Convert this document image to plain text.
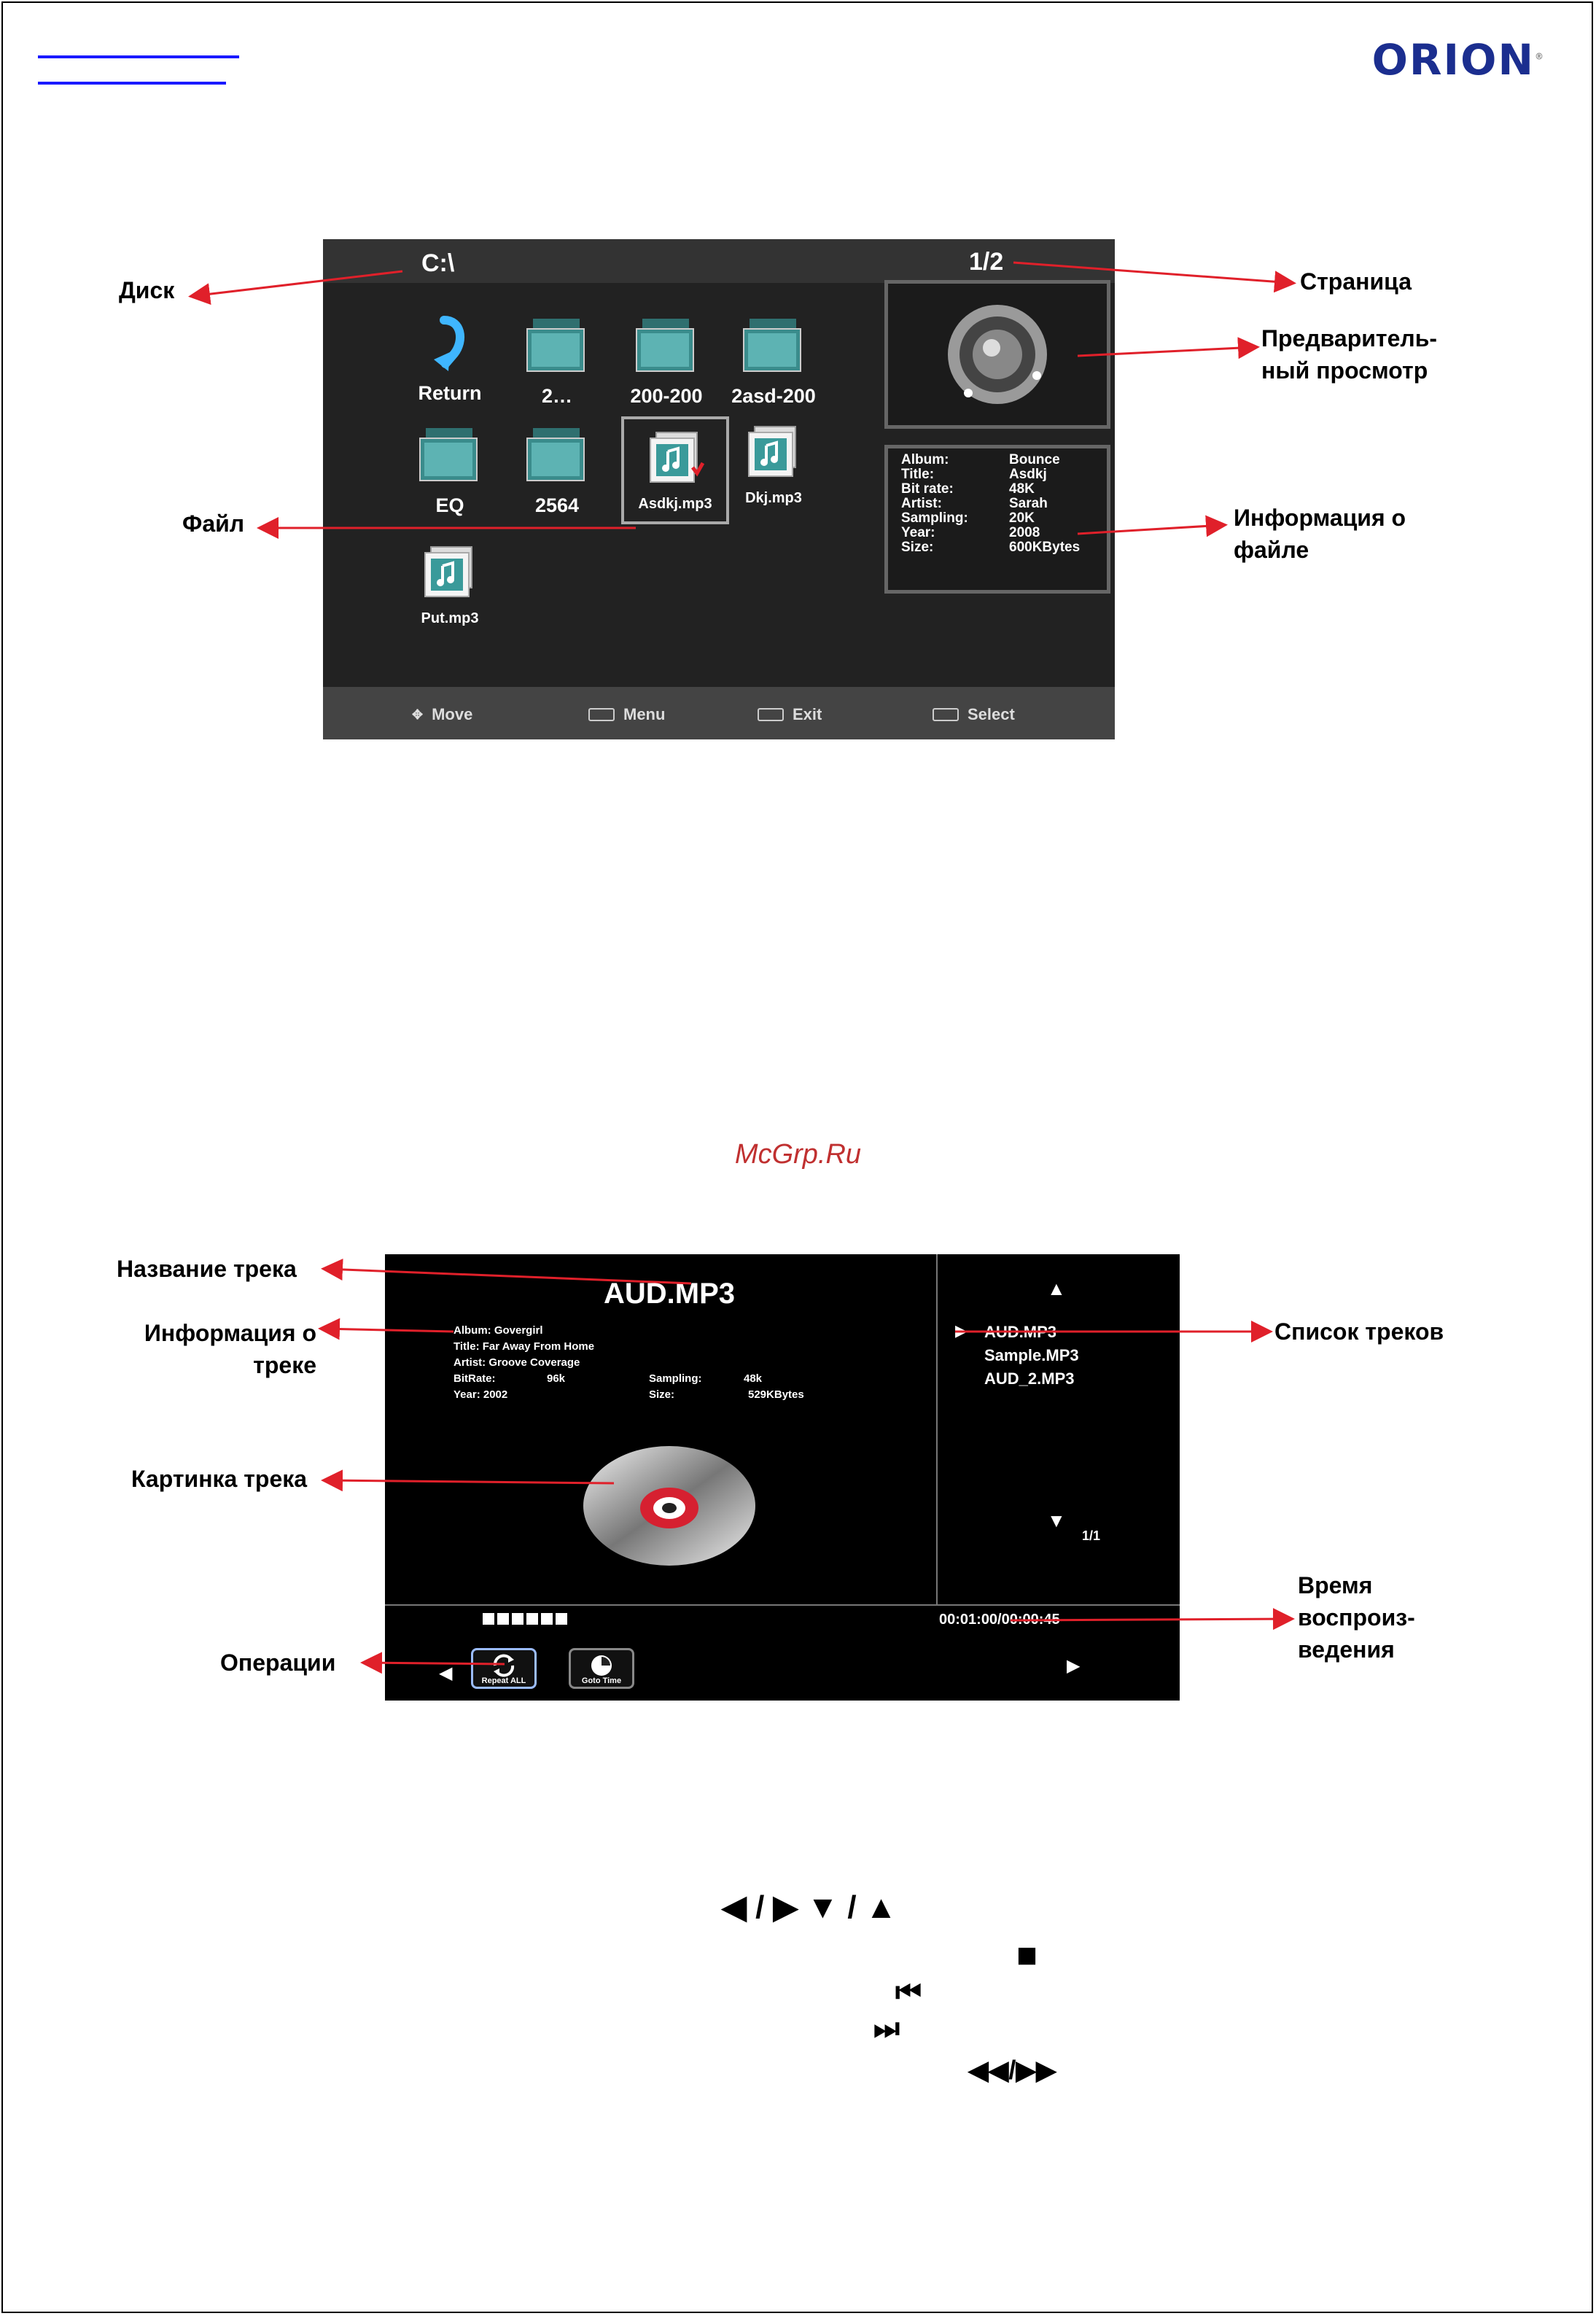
ORION®
C:\	1/2
Return	2…	200-200	2asd-200
EQ	2564	Asdkj.mp3	Dkj.mp3
Put.mp3
Album:	Bounce
Title:	Asdkj
Bit rate:	48K
Artist:	Sarah
Sampling:	20K
Year:	2008
Size:	600KBytes
✥ Move	Menu	Exit	Select
Диск	Страница
Предваритель-
ный просмотр
Файл	Информация о
файле
McGrp.Ru
AUD.MP3
Album: Govergirl
Title: Far Away From Home
Artist: Groove Coverage
BitRate:	96k	Sampling:	48k
Year: 2002	Size:	529KBytes
▲
▶ AUD.MP3
Sample.MP3
AUD_2.MP3
▼
1/1
00:01:00/00:00:45
◀	Repeat ALL	Goto Time
▶
Название трека
Информация о
треке
Картинка трека
Операции
Список треков
Время
воспроиз-
ведения
◀ / ▶ ▼ / ▲
■
⏮
⏭
◀◀/▶▶
